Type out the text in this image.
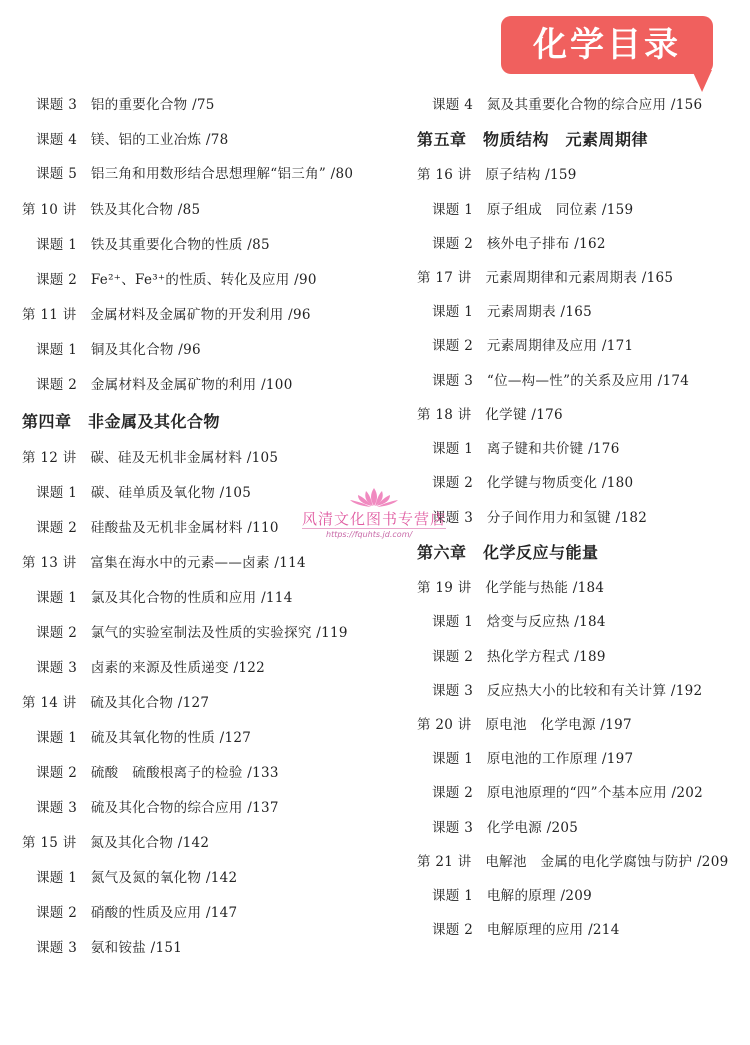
课题 3　铝的重要化合物 /75
课题 4　镁、铝的工业冶炼 /78
课题 5　铝三角和用数形结合思想理解“铝三角” /80
第 10 讲　铁及其化合物 /85
课题 1　铁及其重要化合物的性质 /85
课题 2　Fe²⁺、Fe³⁺的性质、转化及应用 /90
第 11 讲　金属材料及金属矿物的开发利用 /96
课题 1　铜及其化合物 /96
课题 2　金属材料及金属矿物的利用 /100
第四章　非金属及其化合物
第 12 讲　碳、硅及无机非金属材料 /105
课题 1　碳、硅单质及氧化物 /105
课题 2　硅酸盐及无机非金属材料 /110
第 13 讲　富集在海水中的元素——卤素 /114
课题 1　氯及其化合物的性质和应用 /114
课题 2　氯气的实验室制法及性质的实验探究 /119
课题 3　卤素的来源及性质递变 /122
第 14 讲　硫及其化合物 /127
课题 1　硫及其氧化物的性质 /127
课题 2　硫酸　硫酸根离子的检验 /133
课题 3　硫及其化合物的综合应用 /137
第 15 讲　氮及其化合物 /142
课题 1　氮气及氮的氧化物 /142
课题 2　硝酸的性质及应用 /147
课题 3　氨和铵盐 /151
课题 4　氮及其重要化合物的综合应用 /156
第五章　物质结构　元素周期律
第 16 讲　原子结构 /159
课题 1　原子组成　同位素 /159
课题 2　核外电子排布 /162
第 17 讲　元素周期律和元素周期表 /165
课题 1　元素周期表 /165
课题 2　元素周期律及应用 /171
课题 3　“位—构—性”的关系及应用 /174
第 18 讲　化学键 /176
课题 1　离子键和共价键 /176
课题 2　化学键与物质变化 /180
课题 3　分子间作用力和氢键 /182
第六章　化学反应与能量
第 19 讲　化学能与热能 /184
课题 1　焓变与反应热 /184
课题 2　热化学方程式 /189
课题 3　反应热大小的比较和有关计算 /192
第 20 讲　原电池　化学电源 /197
课题 1　原电池的工作原理 /197
课题 2　原电池原理的“四”个基本应用 /202
课题 3　化学电源 /205
第 21 讲　电解池　金属的电化学腐蚀与防护 /209
课题 1　电解的原理 /209
课题 2　电解原理的应用 /214
化学目录
风清文化图书专营店
https://fquhts.jd.com/
